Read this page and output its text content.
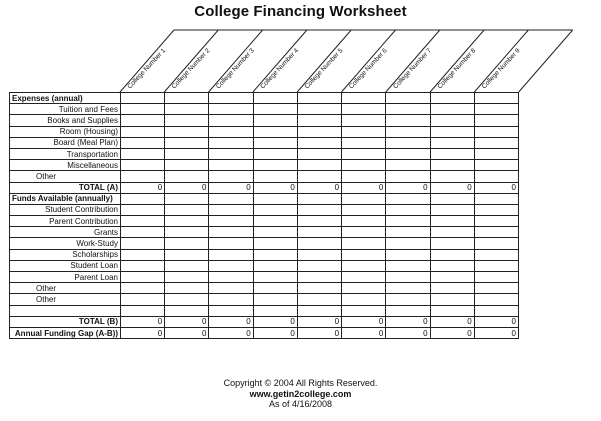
College Financing Worksheet
College Number 1 College Number 2 College Number 3 College Number 4 College Number 5 College Number 6 College Number 7 College Number 8 College Number 9
Expenses (annual)									
Tuition and Fees									
Books and Supplies									
Room (Housing)									
Board (Meal Plan)									
Transportation									
Miscellaneous									
Other									
TOTAL (A)	0	0	0	0	0	0	0	0	0
Funds Available (annually)									
Student Contribution									
Parent Contribution									
Grants									
Work-Study									
Scholarships									
Student Loan									
Parent Loan									
Other									
Other									

TOTAL (B)	0	0	0	0	0	0	0	0	0
Annual Funding Gap (A-B))	0	0	0	0	0	0	0	0	0
Copyright © 2004 All Rights Reserved.
www.getin2college.com
As of 4/16/2008
